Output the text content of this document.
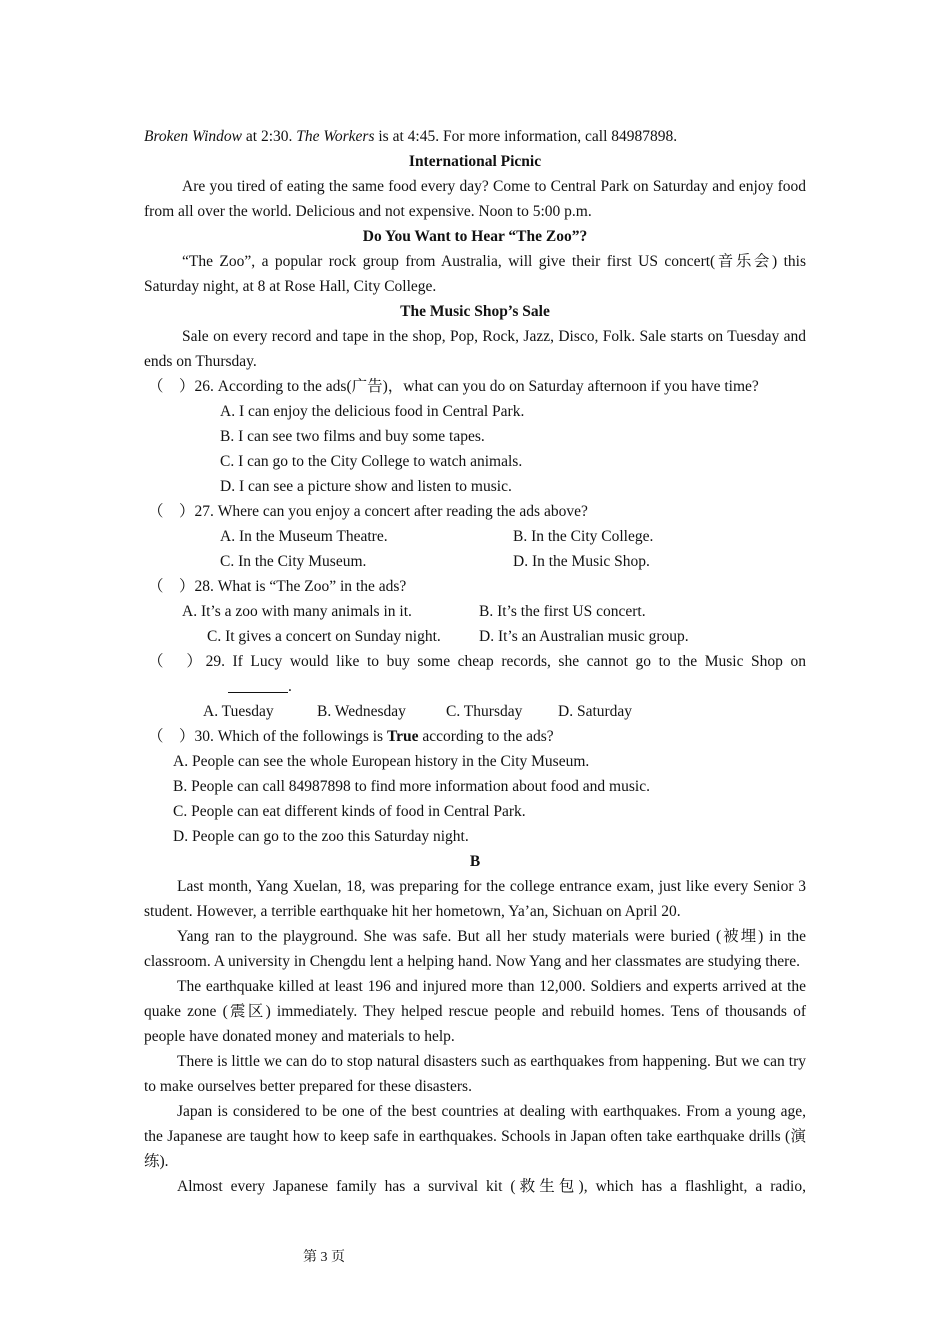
Broken Window at 2:30. The Workers is at 4:45. For more information, call 84987898.
International Picnic

Are you tired of eating the same food every day? Come to Central Park on Saturday and enjoy food from all over the world. Delicious and not expensive. Noon to 5:00 p.m.

Do You Want to Hear “The Zoo”?

“The Zoo”, a popular rock group from Australia, will give their first US concert(音乐会) this Saturday night, at 8 at Rose Hall, City College.

The Music Shop’s Sale

Sale on every record and tape in the shop, Pop, Rock, Jazz, Disco, Folk. Sale starts on Tuesday and ends on Thursday.

（　）26. According to the ads(广告)，what can you do on Saturday afternoon if you have time?
A. I can enjoy the delicious food in Central Park.
B. I can see two films and buy some tapes.
C. I can go to the City College to watch animals.
D. I can see a picture show and listen to music.
（　）27. Where can you enjoy a concert after reading the ads above?
A. In the Museum Theatre.	B. In the City College.
C. In the City Museum.	D. In the Music Shop.
（　）28. What is “The Zoo” in the ads?
A. It’s a zoo with many animals in it.	B. It’s the first US concert.
C. It gives a concert on Sunday night. D. It’s an Australian music group.
（　）29. If Lucy would like to buy some cheap records, she cannot go to the Music Shop on
.
A. Tuesday	B. Wednesday	C. Thursday D. Saturday
（　）30. Which of the followings is True according to the ads?
A. People can see the whole European history in the City Museum.
B. People can call 84987898 to find more information about food and music.
C. People can eat different kinds of food in Central Park.
D. People can go to the zoo this Saturday night.
B

Last month, Yang Xuelan, 18, was preparing for the college entrance exam, just like every Senior 3 student. However, a terrible earthquake hit her hometown, Ya’an, Sichuan on April 20.

Yang ran to the playground. She was safe. But all her study materials were buried (被埋) in the classroom. A university in Chengdu lent a helping hand. Now Yang and her classmates are studying there.

The earthquake killed at least 196 and injured more than 12,000. Soldiers and experts arrived at the quake zone (震区) immediately. They helped rescue people and rebuild homes. Tens of thousands of people have donated money and materials to help.

There is little we can do to stop natural disasters such as earthquakes from happening. But we can try to make ourselves better prepared for these disasters.

Japan is considered to be one of the best countries at dealing with earthquakes. From a young age, the Japanese are taught how to keep safe in earthquakes. Schools in Japan often take earthquake drills (演练).

Almost every Japanese family has a survival kit (救生包), which has a flashlight, a radio,

第 3 页
